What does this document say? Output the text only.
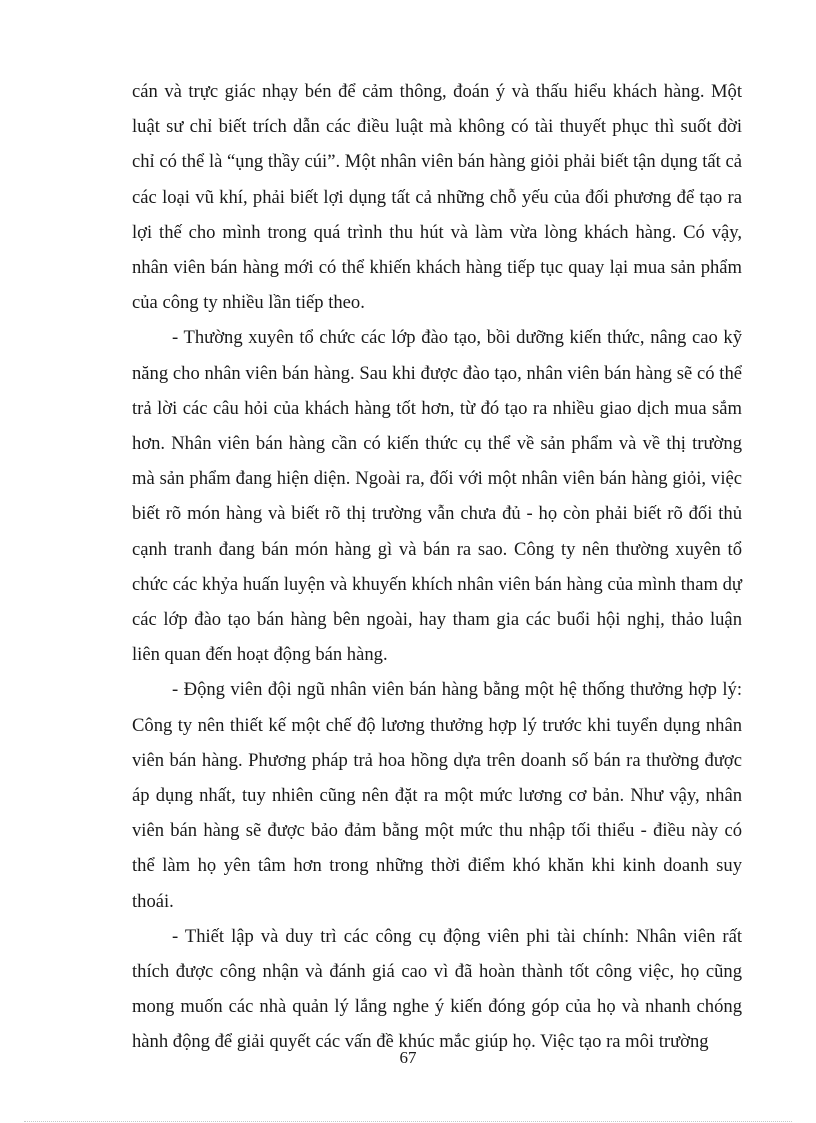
cán và trực giác nhạy bén để cảm thông, đoán ý và thấu hiểu khách hàng. Một luật sư chỉ biết trích dẫn các điều luật mà không có tài thuyết phục thì suốt đời chỉ có thể là “ụng thầy cúi”. Một nhân viên bán hàng giỏi phải biết tận dụng tất cả các loại vũ khí, phải biết lợi dụng tất cả những chỗ yếu của đối phương để tạo ra lợi thế cho mình trong quá trình thu hút và làm vừa lòng khách hàng. Có vậy, nhân viên bán hàng mới có thể khiến khách hàng tiếp tục quay lại mua sản phẩm của công ty nhiều lần tiếp theo.

- Thường xuyên tổ chức các lớp đào tạo, bồi dưỡng kiến thức, nâng cao kỹ năng cho nhân viên bán hàng. Sau khi được đào tạo, nhân viên bán hàng sẽ có thể trả lời các câu hỏi của khách hàng tốt hơn, từ đó tạo ra nhiều giao dịch mua sắm hơn. Nhân viên bán hàng cần có kiến thức cụ thể về sản phẩm và về thị trường mà sản phẩm đang hiện diện. Ngoài ra, đối với một nhân viên bán hàng giỏi, việc biết rõ món hàng và biết rõ thị trường vẫn chưa đủ - họ còn phải biết rõ đối thủ cạnh tranh đang bán món hàng gì và bán ra sao. Công ty nên thường xuyên tổ chức các khỷa huấn luyện và khuyến khích nhân viên bán hàng của mình tham dự các lớp đào tạo bán hàng bên ngoài, hay tham gia các buổi hội nghị, thảo luận liên quan đến hoạt động bán hàng.

- Động viên đội ngũ nhân viên bán hàng bằng một hệ thống thưởng hợp lý: Công ty nên thiết kế một chế độ lương thưởng hợp lý trước khi tuyển dụng nhân viên bán hàng. Phương pháp trả hoa hồng dựa trên doanh số bán ra thường được áp dụng nhất, tuy nhiên cũng nên đặt ra một mức lương cơ bản. Như vậy, nhân viên bán hàng sẽ được bảo đảm bằng một mức thu nhập tối thiểu - điều này có thể làm họ yên tâm hơn trong những thời điểm khó khăn khi kinh doanh suy thoái.

- Thiết lập và duy trì các công cụ động viên phi tài chính: Nhân viên rất thích được công nhận và đánh giá cao vì đã hoàn thành tốt công việc, họ cũng mong muốn các nhà quản lý lắng nghe ý kiến đóng góp của họ và nhanh chóng hành động để giải quyết các vấn đề khúc mắc giúp họ. Việc tạo ra môi trường

67
